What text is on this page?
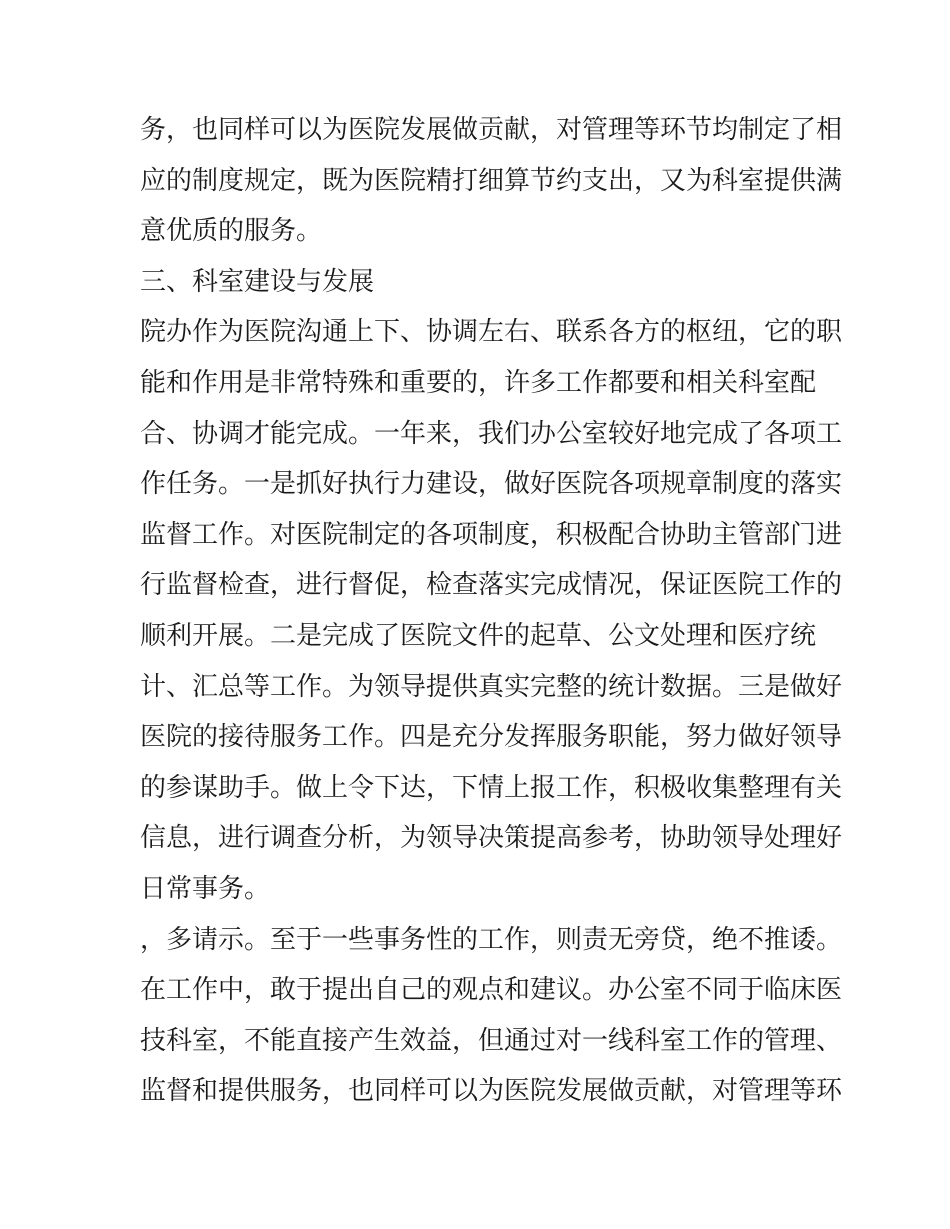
务，也同样可以为医院发展做贡献，对管理等环节均制定了相
应的制度规定，既为医院精打细算节约支出，又为科室提供满
意优质的服务。
三、科室建设与发展
院办作为医院沟通上下、协调左右、联系各方的枢纽，它的职
能和作用是非常特殊和重要的，许多工作都要和相关科室配
合、协调才能完成。一年来，我们办公室较好地完成了各项工
作任务。一是抓好执行力建设，做好医院各项规章制度的落实
监督工作。对医院制定的各项制度，积极配合协助主管部门进
行监督检查，进行督促，检查落实完成情况，保证医院工作的
顺利开展。二是完成了医院文件的起草、公文处理和医疗统
计、汇总等工作。为领导提供真实完整的统计数据。三是做好
医院的接待服务工作。四是充分发挥服务职能，努力做好领导
的参谋助手。做上令下达，下情上报工作，积极收集整理有关
信息，进行调查分析，为领导决策提高参考，协助领导处理好
日常事务。
，多请示。至于一些事务性的工作，则责无旁贷，绝不推诿。
在工作中，敢于提出自己的观点和建议。办公室不同于临床医
技科室，不能直接产生效益，但通过对一线科室工作的管理、
监督和提供服务，也同样可以为医院发展做贡献，对管理等环
